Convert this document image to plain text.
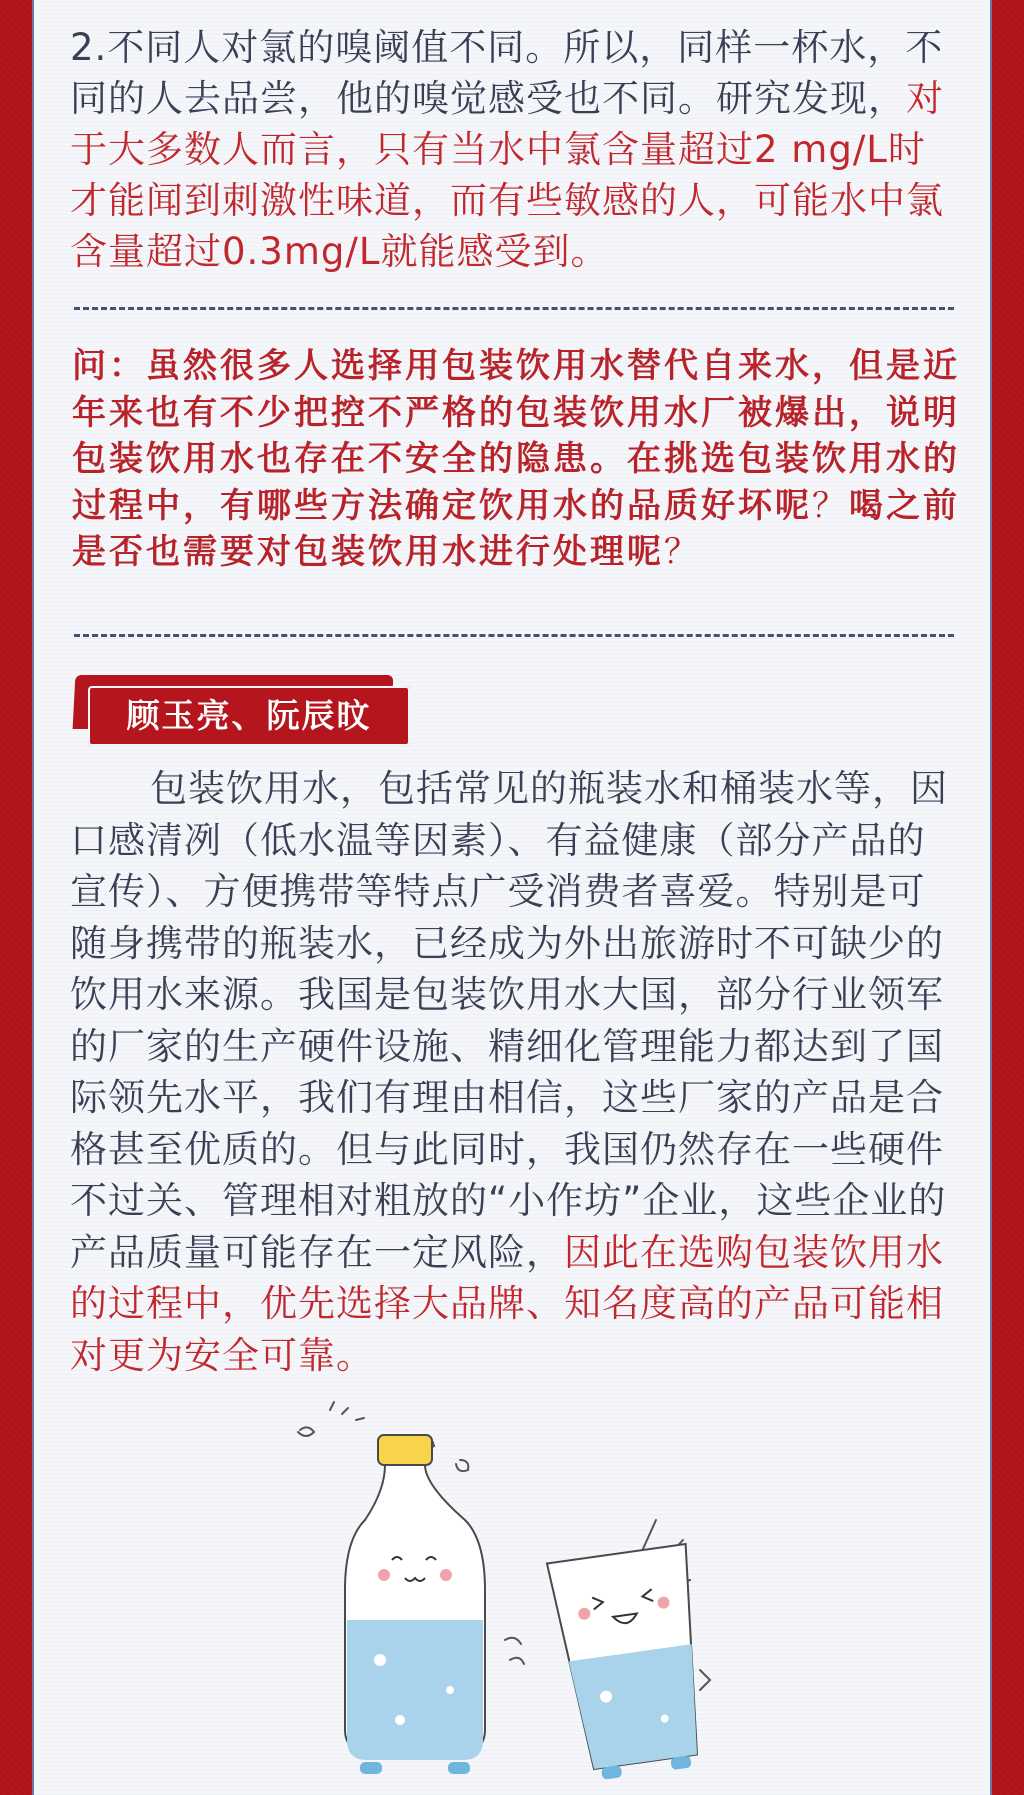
2.不同人对氯的嗅阈值不同。所以，同样一杯水，不同的人去品尝，他的嗅觉感受也不同。研究发现，对于大多数人而言，只有当水中氯含量超过2 mg/L时才能闻到刺激性味道，而有些敏感的人，可能水中氯含量超过0.3mg/L就能感受到。
问：虽然很多人选择用包装饮用水替代自来水，但是近年来也有不少把控不严格的包装饮用水厂被爆出，说明包装饮用水也存在不安全的隐患。在挑选包装饮用水的过程中，有哪些方法确定饮用水的品质好坏呢？喝之前是否也需要对包装饮用水进行处理呢？
顾玉亮、阮辰旼
包装饮用水，包括常见的瓶装水和桶装水等，因口感清冽（低水温等因素）、有益健康（部分产品的宣传）、方便携带等特点广受消费者喜爱。特别是可随身携带的瓶装水，已经成为外出旅游时不可缺少的饮用水来源。我国是包装饮用水大国，部分行业领军的厂家的生产硬件设施、精细化管理能力都达到了国际领先水平，我们有理由相信，这些厂家的产品是合格甚至优质的。但与此同时，我国仍然存在一些硬件不过关、管理相对粗放的“小作坊”企业，这些企业的产品质量可能存在一定风险，因此在选购包装饮用水的过程中，优先选择大品牌、知名度高的产品可能相对更为安全可靠。
